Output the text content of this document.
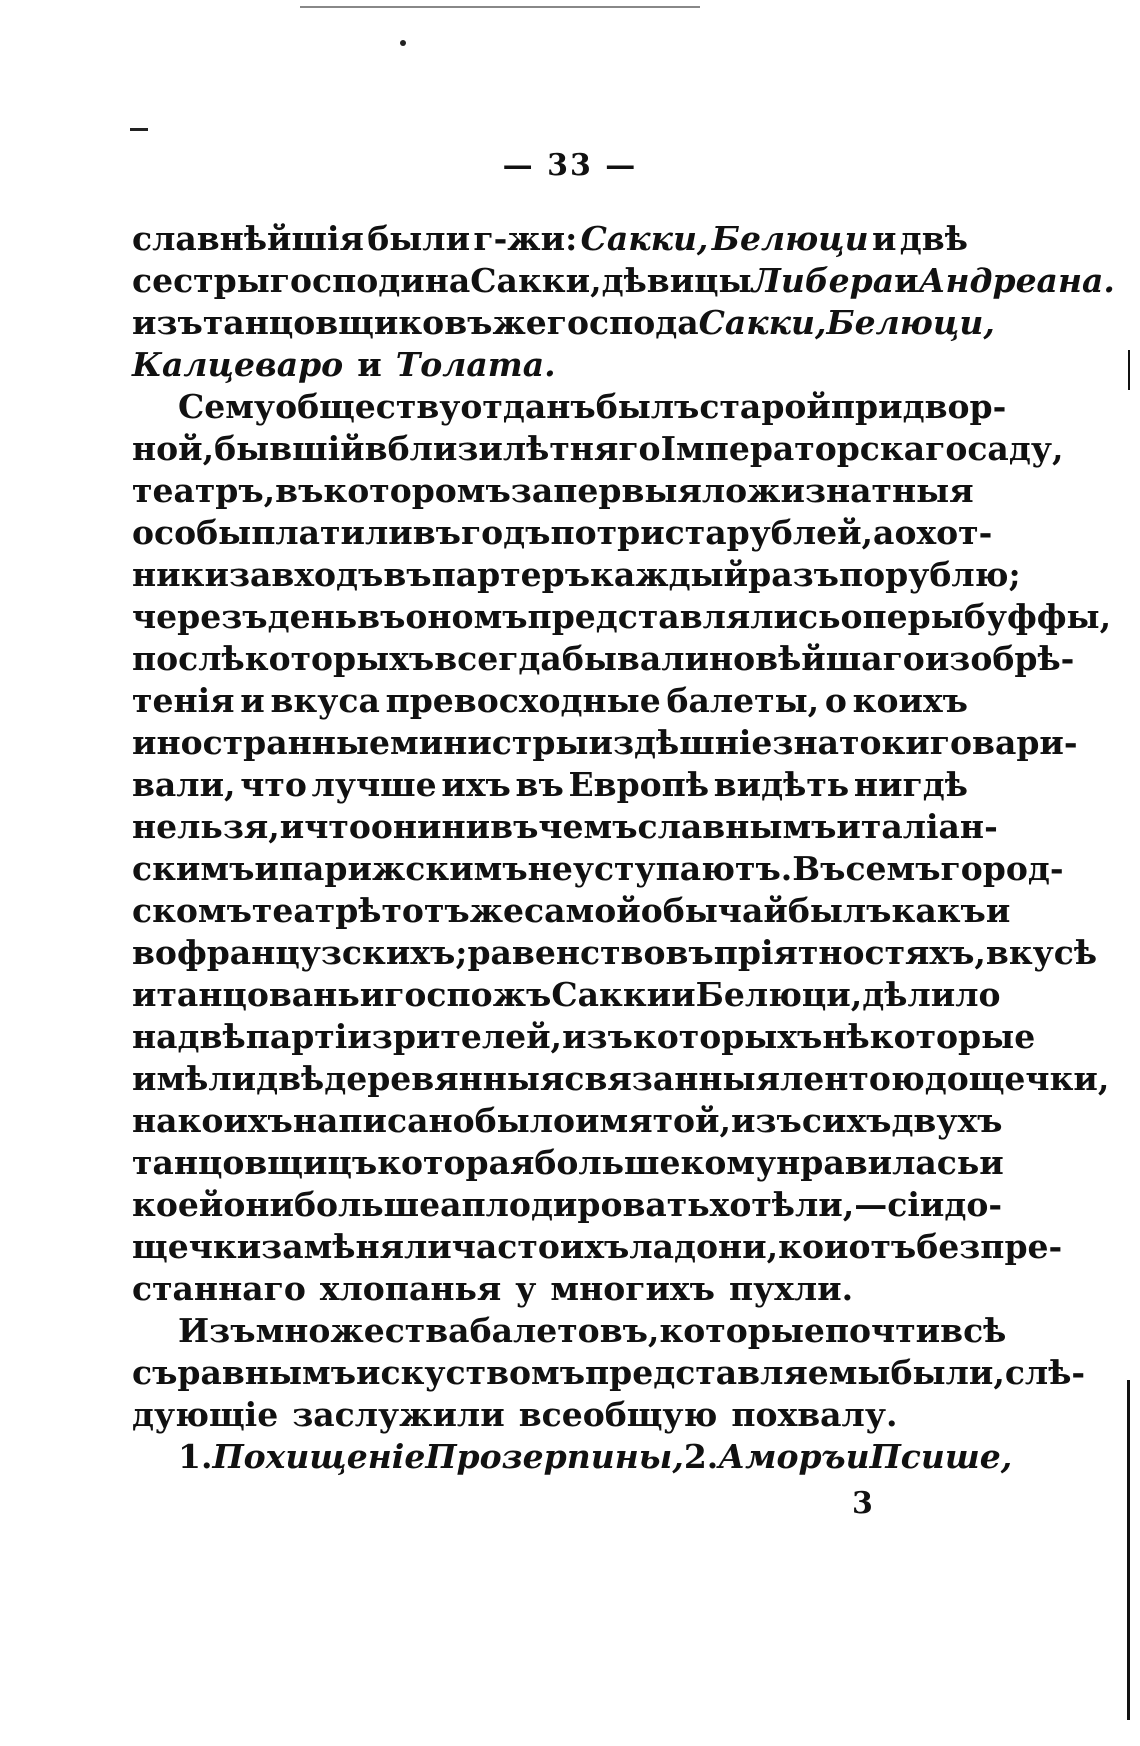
— 33 —
славнѣйшія были г-жи: Сакки, Белюци и двѣ
сестры господина Сакки, дѣвицы Либера и Андреана.
изъ танцовщиковъ же господа Сакки, Белюци,
Калцеваро и Толата.
Сему обществу отданъ былъ старой придвор-
ной, бывшій вблизи лѣтняго Імператорскаго саду,
театръ, въ которомъ за первыя ложи знатныя
особы платили въ годъ по три ста рублей, а охот-
ники за входъ въ партеръ каждый разъ по рублю;
черезъ день въ ономъ представлялись оперы буффы,
послѣ которыхъ всегда бывали новѣйшаго изобрѣ-
тенія и вкуса превосходные балеты, о коихъ
иностранные министры и здѣшніе знатоки говари-
вали, что лучше ихъ въ Европѣ видѣть нигдѣ
нельзя, и что они ни въ чемъ славнымъ италіан-
скимъ и парижскимъ не уступаютъ. Въ семъ город-
скомъ театрѣ тотъ же самой обычай былъ какъ и
во французскихъ; равенство въ пріятностяхъ, вкусѣ
и танцованьи госпожъ Сакки и Белюци, дѣлило
на двѣ партіи зрителей, изъ которыхъ нѣкоторые
имѣли двѣ деревянныя связанныя лентою дощечки,
на коихъ написано было имя той, изъ сихъ двухъ
танцовщицъ которая больше кому нравилась и
коей они больше аплодировать хотѣли, — сіи до-
щечки замѣняли часто ихъ ладони, кои отъ безпре-
станнаго хлопанья у многихъ пухли.
Изъ множества балетовъ, которые почти всѣ
съ равнымъ искуствомъ представляемы были, слѣ-
дующіе заслужили всеобщую похвалу.
1. Похищеніе Прозерпины, 2. Аморъ и Псише,
3
